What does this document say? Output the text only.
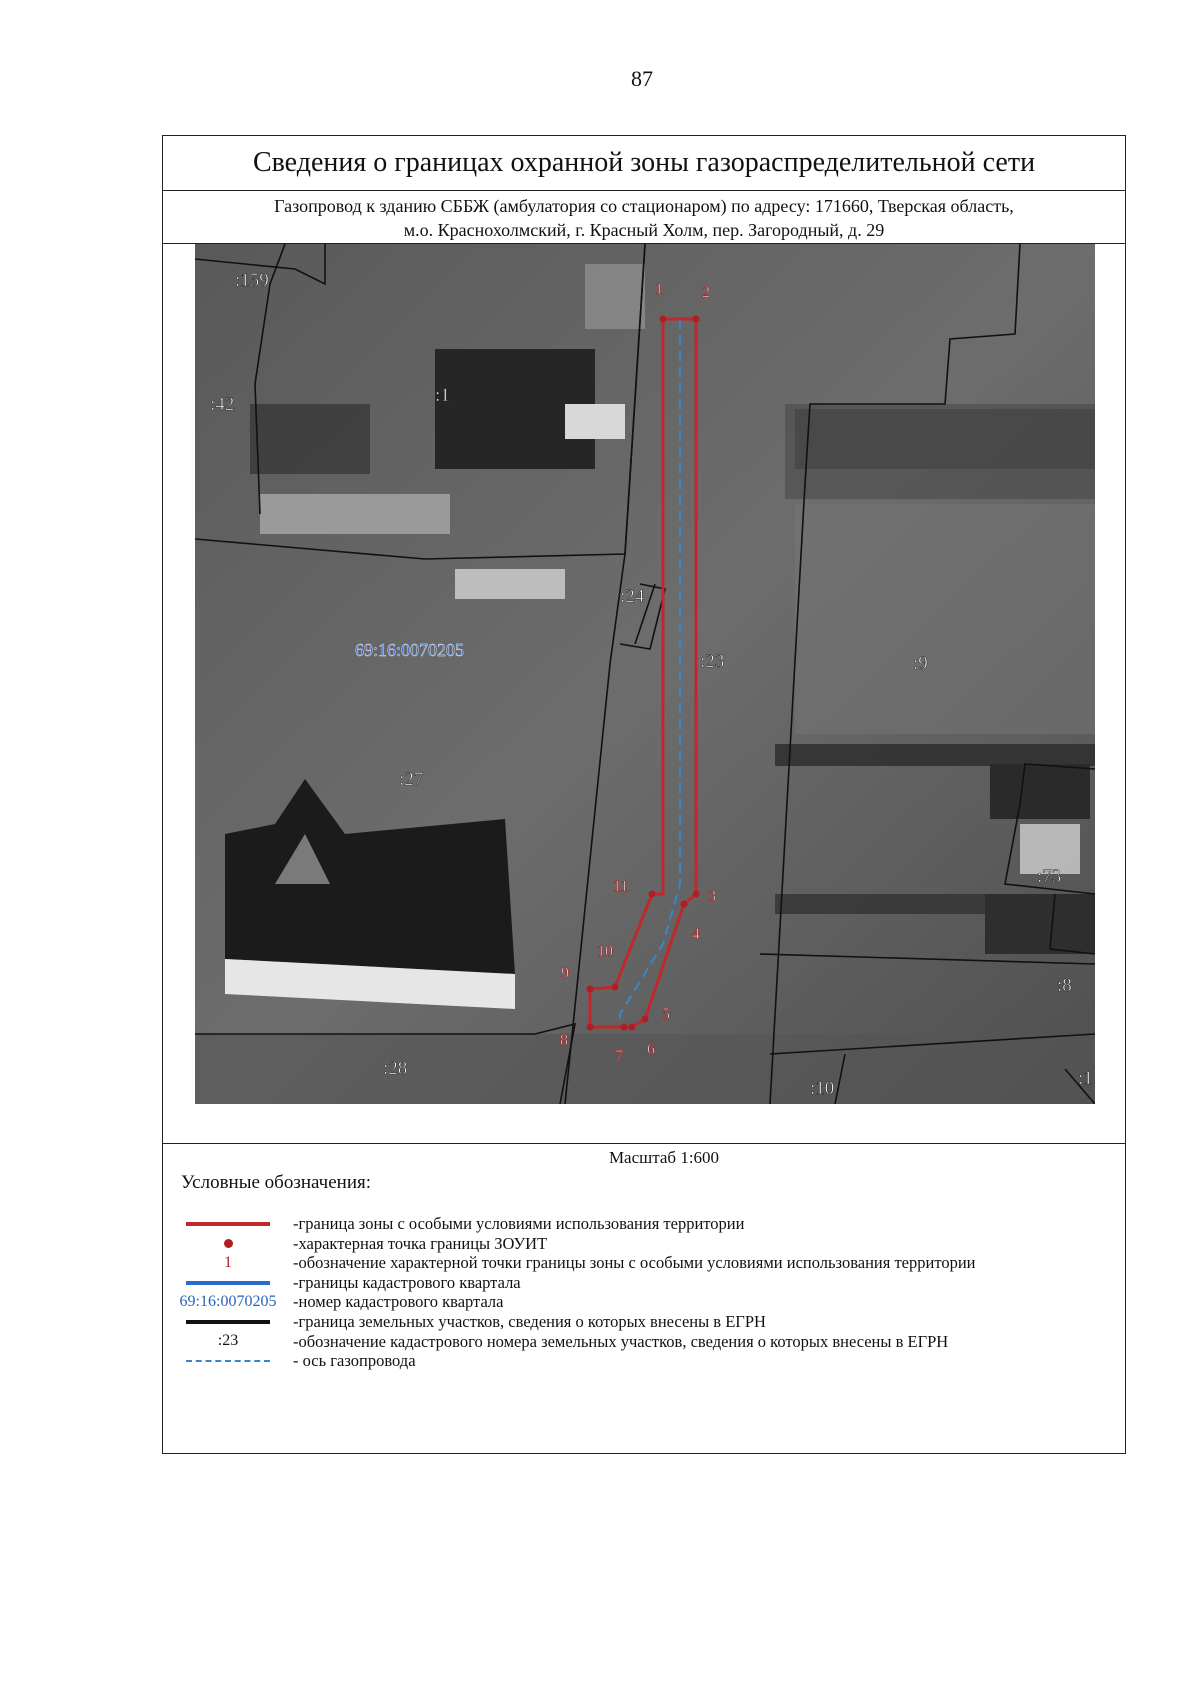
87
Сведения о границах охранной зоны газораспределительной сети
Газопровод к зданию СББЖ (амбулатория со стационаром) по адресу: 171660, Тверская область,
м.о. Краснохолмский, г. Красный Холм, пер. Загородный, д. 29
1 2
3
4
5
6
7
8
9
10
11
:159
:42	:1
:24
:23	:9
:27
:73
:8
:28
:10	:1
69:16:0070205
Масштаб 1:600
Условные обозначения:
-граница зоны с особыми условиями использования территории
-характерная точка границы ЗОУИТ
1	-обозначение характерной точки границы зоны с особыми условиями использования территории
-границы кадастрового квартала
69:16:0070205 -номер кадастрового квартала
-граница земельных участков, сведения о которых внесены в ЕГРН
:23	-обозначение кадастрового номера земельных участков, сведения о которых внесены в ЕГРН
- ось газопровода
